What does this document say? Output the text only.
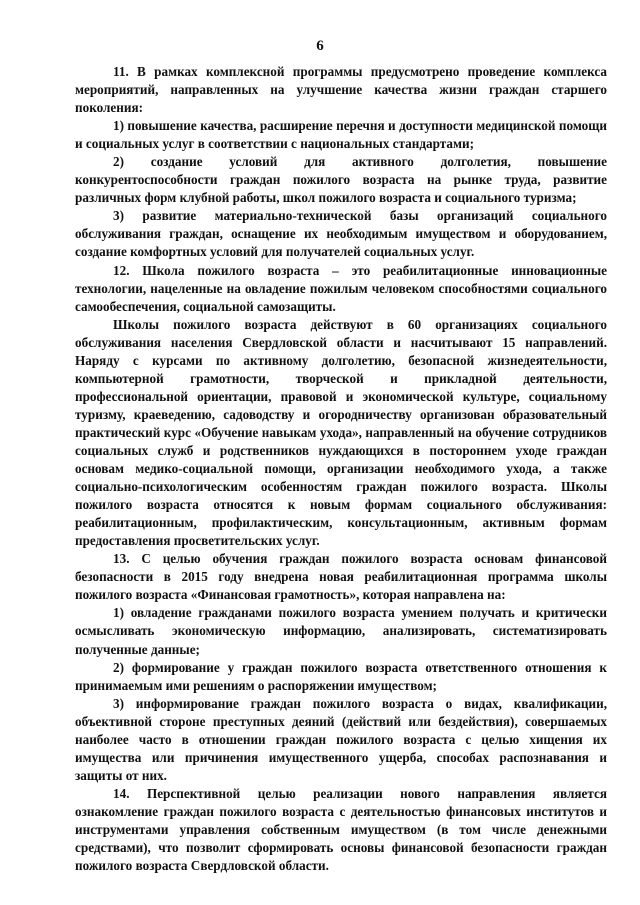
6

11. В рамках комплексной программы предусмотрено проведение комплекса мероприятий, направленных на улучшение качества жизни граждан старшего поколения:

1) повышение качества, расширение перечня и доступности медицинской помощи и социальных услуг в соответствии с национальных стандартами;

2) создание условий для активного долголетия, повышение конкурентоспособности граждан пожилого возраста на рынке труда, развитие различных форм клубной работы, школ пожилого возраста и социального туризма;

3) развитие материально-технической базы организаций социального обслуживания граждан, оснащение их необходимым имуществом и оборудованием, создание комфортных условий для получателей социальных услуг.

12. Школа пожилого возраста – это реабилитационные инновационные технологии, нацеленные на овладение пожилым человеком способностями социального самообеспечения, социальной самозащиты.

Школы пожилого возраста действуют в 60 организациях социального обслуживания населения Свердловской области и насчитывают 15 направлений. Наряду с курсами по активному долголетию, безопасной жизнедеятельности, компьютерной грамотности, творческой и прикладной деятельности, профессиональной ориентации, правовой и экономической культуре, социальному туризму, краеведению, садоводству и огородничеству организован образовательный практический курс «Обучение навыкам ухода», направленный на обучение сотрудников социальных служб и родственников нуждающихся в постороннем уходе граждан основам медико-социальной помощи, организации необходимого ухода, а также социально-психологическим особенностям граждан пожилого возраста. Школы пожилого возраста относятся к новым формам социального обслуживания: реабилитационным, профилактическим, консультационным, активным формам предоставления просветительских услуг.

13. С целью обучения граждан пожилого возраста основам финансовой безопасности в 2015 году внедрена новая реабилитационная программа школы пожилого возраста «Финансовая грамотность», которая направлена на:

1) овладение гражданами пожилого возраста умением получать и критически осмысливать экономическую информацию, анализировать, систематизировать полученные данные;

2) формирование у граждан пожилого возраста ответственного отношения к принимаемым ими решениям о распоряжении имуществом;

3) информирование граждан пожилого возраста о видах, квалификации, объективной стороне преступных деяний (действий или бездействия), совершаемых наиболее часто в отношении граждан пожилого возраста с целью хищения их имущества или причинения имущественного ущерба, способах распознавания и защиты от них.

14. Перспективной целью реализации нового направления является ознакомление граждан пожилого возраста с деятельностью финансовых институтов и инструментами управления собственным имуществом (в том числе денежными средствами), что позволит сформировать основы финансовой безопасности граждан пожилого возраста Свердловской области.
